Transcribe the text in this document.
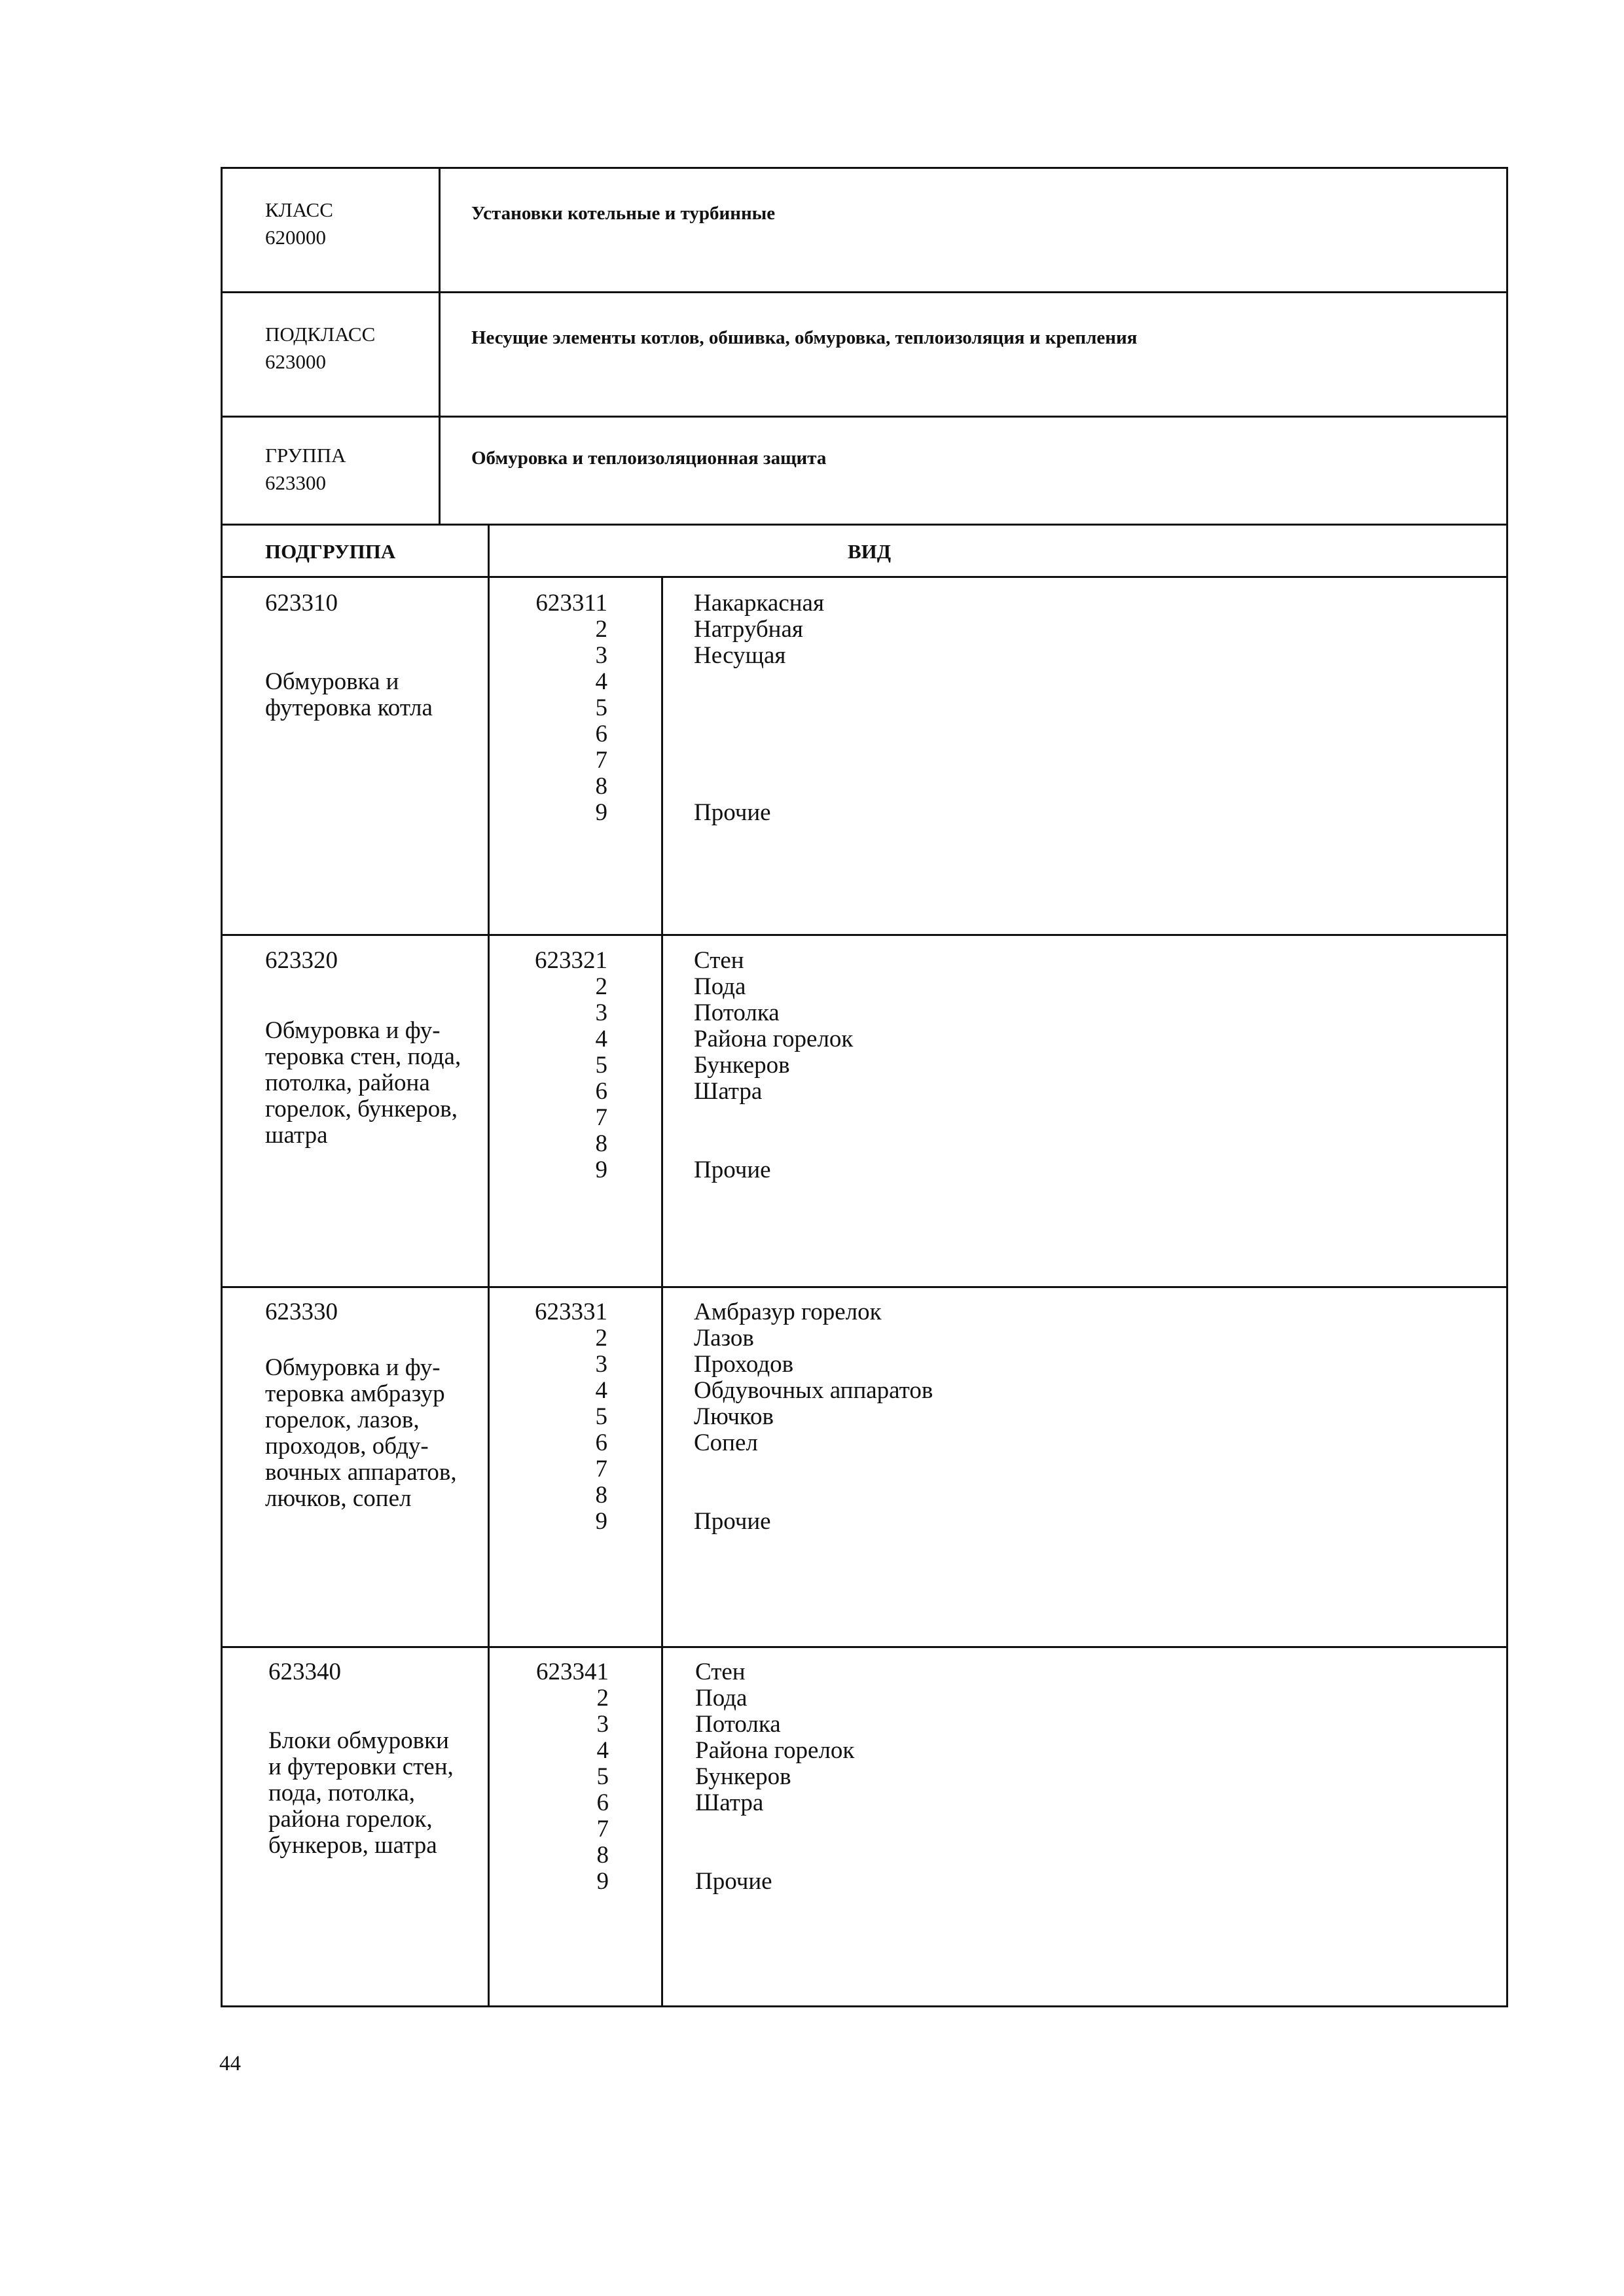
КЛАСС
620000
Установки котельные и турбинные
ПОДКЛАСС
623000
Несущие элементы котлов, обшивка, обмуровка, теплоизоляция и крепления
ГРУППА
623300
Обмуровка и теплоизоляционная защита
ПОДГРУППА	ВИД
623310
Обмуровка и
футеровка котла
623311
2
3
4
5
6
7
8
9
Накаркасная
Натрубная
Несущая
Прочие
623320
Обмуровка и фу-
теровка стен, пода,
потолка, района
горелок, бункеров,
шатра
623321
2
3
4
5
6
7
8
9
Стен
Пода
Потолка
Района горелок
Бункеров
Шатра
Прочие
623330
Обмуровка и фу-
теровка амбразур
горелок, лазов,
проходов, обду-
вочных аппаратов,
лючков, сопел
623331
2
3
4
5
6
7
8
9
Амбразур горелок
Лазов
Проходов
Обдувочных аппаратов
Лючков
Сопел
Прочие
623340
Блоки обмуровки
и футеровки стен,
пода, потолка,
района горелок,
бункеров, шатра
623341
2
3
4
5
6
7
8
9
Стен
Пода
Потолка
Района горелок
Бункеров
Шатра
Прочие
44
